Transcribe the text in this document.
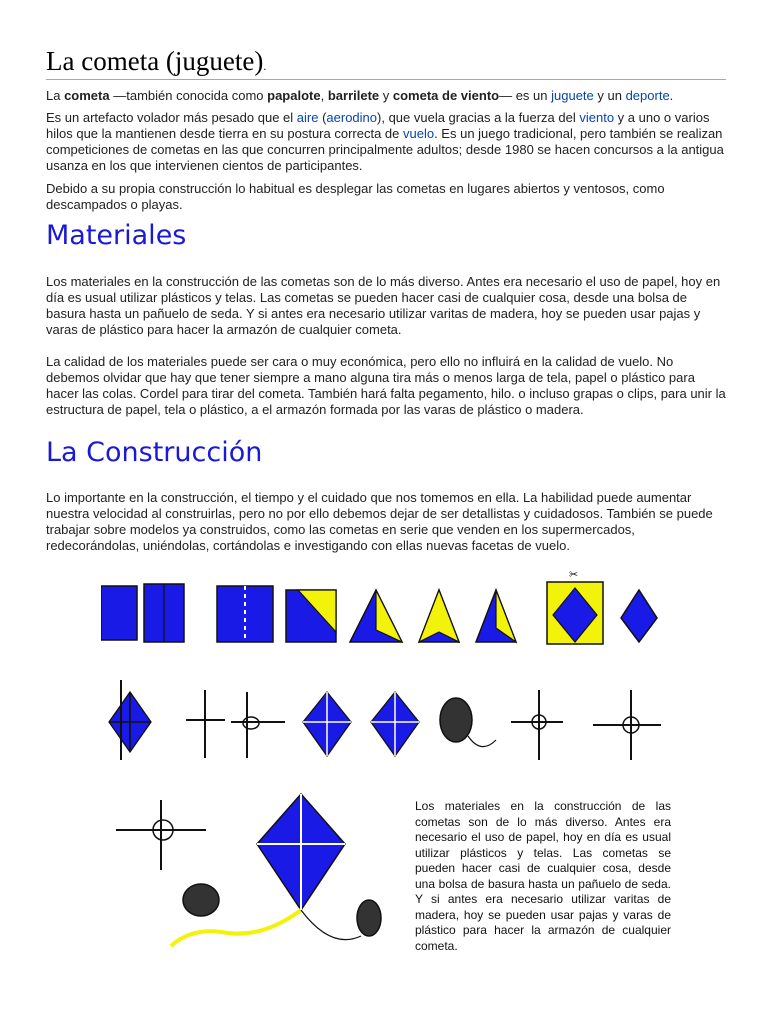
La cometa (juguete).

La cometa —también conocida como papalote, barrilete y cometa de viento— es un juguete y un deporte.

Es un artefacto volador más pesado que el aire (aerodino), que vuela gracias a la fuerza del viento y a uno o varios hilos que la mantienen desde tierra en su postura correcta de vuelo. Es un juego tradicional, pero también se realizan competiciones de cometas en las que concurren principalmente adultos; desde 1980 se hacen concursos a la antigua usanza en los que intervienen cientos de participantes.

Debido a su propia construcción lo habitual es desplegar las cometas en lugares abiertos y ventosos, como descampados o playas.

Materiales

Los materiales en la construcción de las cometas son de lo más diverso. Antes era necesario el uso de papel, hoy en día es usual utilizar plásticos y telas. Las cometas se pueden hacer casi de cualquier cosa, desde una bolsa de basura hasta un pañuelo de seda. Y si antes era necesario utilizar varitas de madera, hoy se pueden usar pajas y varas de plástico para hacer la armazón de cualquier cometa.

La calidad de los materiales puede ser cara o muy económica, pero ello no influirá en la calidad de vuelo. No debemos olvidar que hay que tener siempre a mano alguna tira más o menos larga de tela, papel o plástico para hacer las colas. Cordel para tirar del cometa. También hará falta pegamento, hilo. o incluso grapas o clips, para unir la estructura de papel, tela o plástico, a el armazón formada por las varas de plástico o madera.

La Construcción

Lo importante en la construcción, el tiempo y el cuidado que nos tomemos en ella. La habilidad puede aumentar nuestra velocidad al construirlas, pero no por ello debemos dejar de ser detallistas y cuidadosos. También se puede trabajar sobre modelos ya construidos, como las cometas en serie que venden en los supermercados, redecorándolas, uniéndolas, cortándolas e investigando con ellas nuevas facetas de vuelo.

✂
Los materiales en la construcción de las cometas son de lo más diverso. Antes era necesario el uso de papel, hoy en día es usual utilizar plásticos y telas. Las cometas se pueden hacer casi de cualquier cosa, desde una bolsa de basura hasta un pañuelo de seda. Y si antes era necesario utilizar varitas de madera, hoy se pueden usar pajas y varas de plástico para hacer la armazón de cualquier cometa.
